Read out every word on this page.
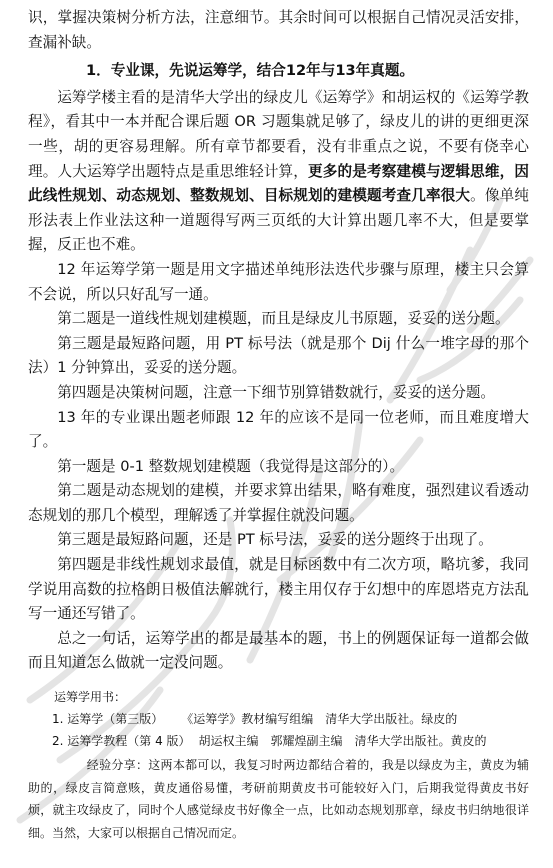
识，掌握决策树分析方法，注意细节。其余时间可以根据自己情况灵活安排，查漏补缺。

1．专业课，先说运筹学，结合12年与13年真题。

运筹学楼主看的是清华大学出的绿皮儿《运筹学》和胡运权的《运筹学教程》，看其中一本并配合课后题 OR 习题集就足够了，绿皮儿的讲的更细更深一些，胡的更容易理解。所有章节都要看，没有非重点之说，不要有侥幸心理。人大运筹学出题特点是重思维轻计算，更多的是考察建模与逻辑思维，因此线性规划、动态规划、整数规划、目标规划的建模题考查几率很大。像单纯形法表上作业法这种一道题得写两三页纸的大计算出题几率不大，但是要掌握，反正也不难。

12 年运筹学第一题是用文字描述单纯形法迭代步骤与原理，楼主只会算不会说，所以只好乱写一通。

第二题是一道线性规划建模题，而且是绿皮儿书原题，妥妥的送分题。

第三题是最短路问题，用 PT 标号法（就是那个 Dij 什么一堆字母的那个法）1 分钟算出，妥妥的送分题。

第四题是决策树问题，注意一下细节别算错数就行，妥妥的送分题。

13 年的专业课出题老师跟 12 年的应该不是同一位老师，而且难度增大了。

第一题是 0-1 整数规划建模题（我觉得是这部分的）。

第二题是动态规划的建模，并要求算出结果，略有难度，强烈建议看透动态规划的那几个模型，理解透了并掌握住就没问题。

第三题是最短路问题，还是 PT 标号法，妥妥的送分题终于出现了。

第四题是非线性规划求最值，就是目标函数中有二次方项，略坑爹，我同学说用高数的拉格朗日极值法解就行，楼主用仅存于幻想中的库恩塔克方法乱写一通还写错了。

总之一句话，运筹学出的都是最基本的题，书上的例题保证每一道都会做而且知道怎么做就一定没问题。

运筹学用书：

1. 运筹学（第三版） 《运筹学》教材编写组编　清华大学出版社。绿皮的

2. 运筹学教程（第 4 版） 胡运权主编　郭耀煌副主编　清华大学出版社。黄皮的

经验分享：这两本都可以，我复习时两边都结合着的，我是以绿皮为主，黄皮为辅助的，绿皮言简意赅，黄皮通俗易懂，考研前期黄皮书可能较好入门，后期我觉得黄皮书好烦，就主攻绿皮了，同时个人感觉绿皮书好像全一点，比如动态规划那章，绿皮书归纳地很详细。当然，大家可以根据自己情况而定。
